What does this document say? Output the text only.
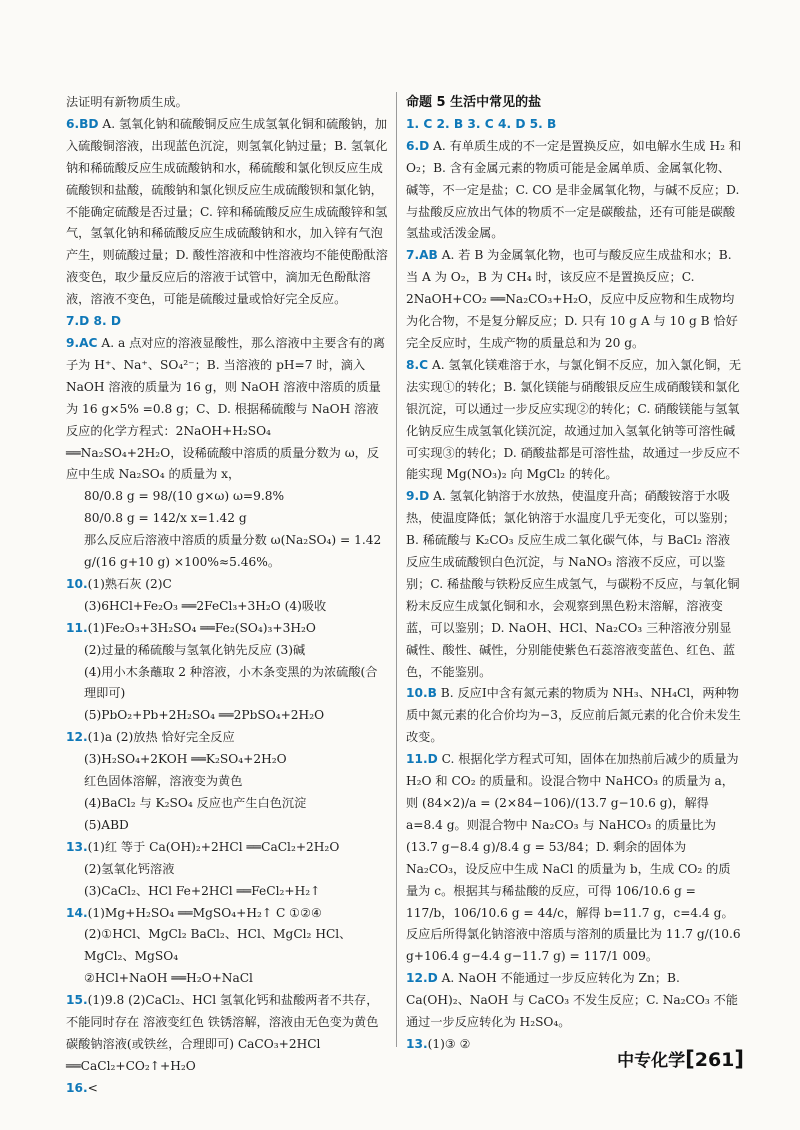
法证明有新物质生成。

6.BD A. 氢氧化钠和硫酸铜反应生成氢氧化铜和硫酸钠，加入硫酸铜溶液，出现蓝色沉淀，则氢氧化钠过量；B. 氢氧化钠和稀硫酸反应生成硫酸钠和水，稀硫酸和氯化钡反应生成硫酸钡和盐酸，硫酸钠和氯化钡反应生成硫酸钡和氯化钠，不能确定硫酸是否过量；C. 锌和稀硫酸反应生成硫酸锌和氢气，氢氧化钠和稀硫酸反应生成硫酸钠和水，加入锌有气泡产生，则硫酸过量；D. 酸性溶液和中性溶液均不能使酚酞溶液变色，取少量反应后的溶液于试管中，滴加无色酚酞溶液，溶液不变色，可能是硫酸过量或恰好完全反应。

7.D 8. D

9.AC A. a 点对应的溶液显酸性，那么溶液中主要含有的离子为 H⁺、Na⁺、SO₄²⁻；B. 当溶液的 pH=7 时，滴入 NaOH 溶液的质量为 16 g，则 NaOH 溶液中溶质的质量为 16 g×5% =0.8 g；C、D. 根据稀硫酸与 NaOH 溶液反应的化学方程式：2NaOH+H₂SO₄ ══Na₂SO₄+2H₂O，设稀硫酸中溶质的质量分数为 ω，反应中生成 Na₂SO₄ 的质量为 x，

80/0.8 g = 98/(10 g×ω) ω=9.8%

80/0.8 g = 142/x x=1.42 g

那么反应后溶液中溶质的质量分数 ω(Na₂SO₄) = 1.42 g/(16 g+10 g) ×100%≈5.46%。

10.(1)熟石灰 (2)C

(3)6HCl+Fe₂O₃ ══2FeCl₃+3H₂O (4)吸收

11.(1)Fe₂O₃+3H₂SO₄ ══Fe₂(SO₄)₃+3H₂O

(2)过量的稀硫酸与氢氧化钠先反应 (3)碱

(4)用小木条蘸取 2 种溶液，小木条变黑的为浓硫酸(合理即可)

(5)PbO₂+Pb+2H₂SO₄ ══2PbSO₄+2H₂O

12.(1)a (2)放热 恰好完全反应

(3)H₂SO₄+2KOH ══K₂SO₄+2H₂O

红色固体溶解，溶液变为黄色

(4)BaCl₂ 与 K₂SO₄ 反应也产生白色沉淀

(5)ABD

13.(1)红 等于 Ca(OH)₂+2HCl ══CaCl₂+2H₂O

(2)氢氧化钙溶液

(3)CaCl₂、HCl Fe+2HCl ══FeCl₂+H₂↑

14.(1)Mg+H₂SO₄ ══MgSO₄+H₂↑ C ①②④

(2)①HCl、MgCl₂ BaCl₂、HCl、MgCl₂ HCl、MgCl₂、MgSO₄

②HCl+NaOH ══H₂O+NaCl

15.(1)9.8 (2)CaCl₂、HCl 氢氧化钙和盐酸两者不共存，不能同时存在 溶液变红色 铁锈溶解，溶液由无色变为黄色 碳酸钠溶液(或铁丝，合理即可) CaCO₃+2HCl ══CaCl₂+CO₂↑+H₂O

16.<

命题 5 生活中常见的盐
1. C 2. B 3. C 4. D 5. B

6.D A. 有单质生成的不一定是置换反应，如电解水生成 H₂ 和 O₂；B. 含有金属元素的物质可能是金属单质、金属氧化物、碱等，不一定是盐；C. CO 是非金属氧化物，与碱不反应；D. 与盐酸反应放出气体的物质不一定是碳酸盐，还有可能是碳酸氢盐或活泼金属。

7.AB A. 若 B 为金属氧化物，也可与酸反应生成盐和水；B. 当 A 为 O₂，B 为 CH₄ 时，该反应不是置换反应；C. 2NaOH+CO₂ ══Na₂CO₃+H₂O，反应中反应物和生成物均为化合物，不是复分解反应；D. 只有 10 g A 与 10 g B 恰好完全反应时，生成产物的质量总和为 20 g。

8.C A. 氢氧化镁难溶于水，与氯化铜不反应，加入氯化铜，无法实现①的转化；B. 氯化镁能与硝酸银反应生成硝酸镁和氯化银沉淀，可以通过一步反应实现②的转化；C. 硝酸镁能与氢氧化钠反应生成氢氧化镁沉淀，故通过加入氢氧化钠等可溶性碱可实现③的转化；D. 硝酸盐都是可溶性盐，故通过一步反应不能实现 Mg(NO₃)₂ 向 MgCl₂ 的转化。

9.D A. 氢氧化钠溶于水放热，使温度升高；硝酸铵溶于水吸热，使温度降低；氯化钠溶于水温度几乎无变化，可以鉴别；B. 稀硫酸与 K₂CO₃ 反应生成二氧化碳气体，与 BaCl₂ 溶液反应生成硫酸钡白色沉淀，与 NaNO₃ 溶液不反应，可以鉴别；C. 稀盐酸与铁粉反应生成氢气，与碳粉不反应，与氧化铜粉末反应生成氯化铜和水，会观察到黑色粉末溶解，溶液变蓝，可以鉴别；D. NaOH、HCl、Na₂CO₃ 三种溶液分别显碱性、酸性、碱性，分别能使紫色石蕊溶液变蓝色、红色、蓝色，不能鉴别。

10.B B. 反应Ⅰ中含有氮元素的物质为 NH₃、NH₄Cl，两种物质中氮元素的化合价均为−3，反应前后氮元素的化合价未发生改变。

11.D C. 根据化学方程式可知，固体在加热前后减少的质量为 H₂O 和 CO₂ 的质量和。设混合物中 NaHCO₃ 的质量为 a，则 (84×2)/a = (2×84−106)/(13.7 g−10.6 g)，解得 a=8.4 g。则混合物中 Na₂CO₃ 与 NaHCO₃ 的质量比为 (13.7 g−8.4 g)/8.4 g = 53/84；D. 剩余的固体为 Na₂CO₃，设反应中生成 NaCl 的质量为 b，生成 CO₂ 的质量为 c。根据其与稀盐酸的反应，可得 106/10.6 g = 117/b，106/10.6 g = 44/c，解得 b=11.7 g，c=4.4 g。反应后所得氯化钠溶液中溶质与溶剂的质量比为 11.7 g/(10.6 g+106.4 g−4.4 g−11.7 g) = 117/1 009。

12.D A. NaOH 不能通过一步反应转化为 Zn；B. Ca(OH)₂、NaOH 与 CaCO₃ 不发生反应；C. Na₂CO₃ 不能通过一步反应转化为 H₂SO₄。

13.(1)③ ②

中专化学[261]
